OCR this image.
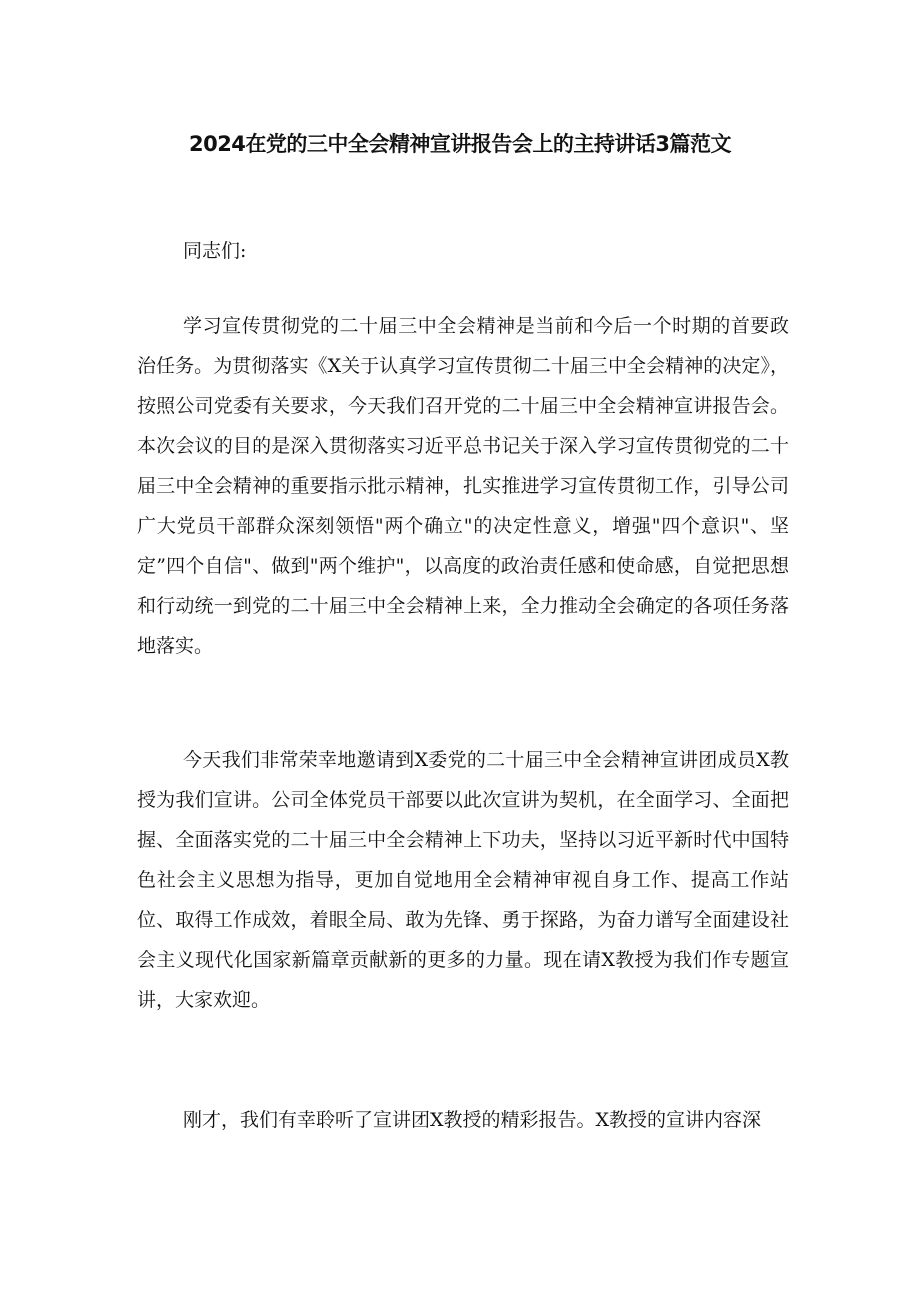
2024在党的三中全会精神宣讲报告会上的主持讲话3篇范文
同志们:

学习宣传贯彻党的二十届三中全会精神是当前和今后一个时期的首要政治任务。为贯彻落实《X关于认真学习宣传贯彻二十届三中全会精神的决定》，按照公司党委有关要求，今天我们召开党的二十届三中全会精神宣讲报告会。本次会议的目的是深入贯彻落实习近平总书记关于深入学习宣传贯彻党的二十届三中全会精神的重要指示批示精神，扎实推进学习宣传贯彻工作，引导公司广大党员干部群众深刻领悟"两个确立"的决定性意义，增强"四个意识"、坚定”四个自信"、做到"两个维护"，以高度的政治责任感和使命感，自觉把思想和行动统一到党的二十届三中全会精神上来，全力推动全会确定的各项任务落地落实。

今天我们非常荣幸地邀请到X委党的二十届三中全会精神宣讲团成员X教授为我们宣讲。公司全体党员干部要以此次宣讲为契机，在全面学习、全面把握、全面落实党的二十届三中全会精神上下功夫，坚持以习近平新时代中国特色社会主义思想为指导，更加自觉地用全会精神审视自身工作、提高工作站位、取得工作成效，着眼全局、敢为先锋、勇于探路，为奋力谱写全面建设社会主义现代化国家新篇章贡献新的更多的力量。现在请X教授为我们作专题宣讲，大家欢迎。

刚才，我们有幸聆听了宣讲团X教授的精彩报告。X教授的宣讲内容深
